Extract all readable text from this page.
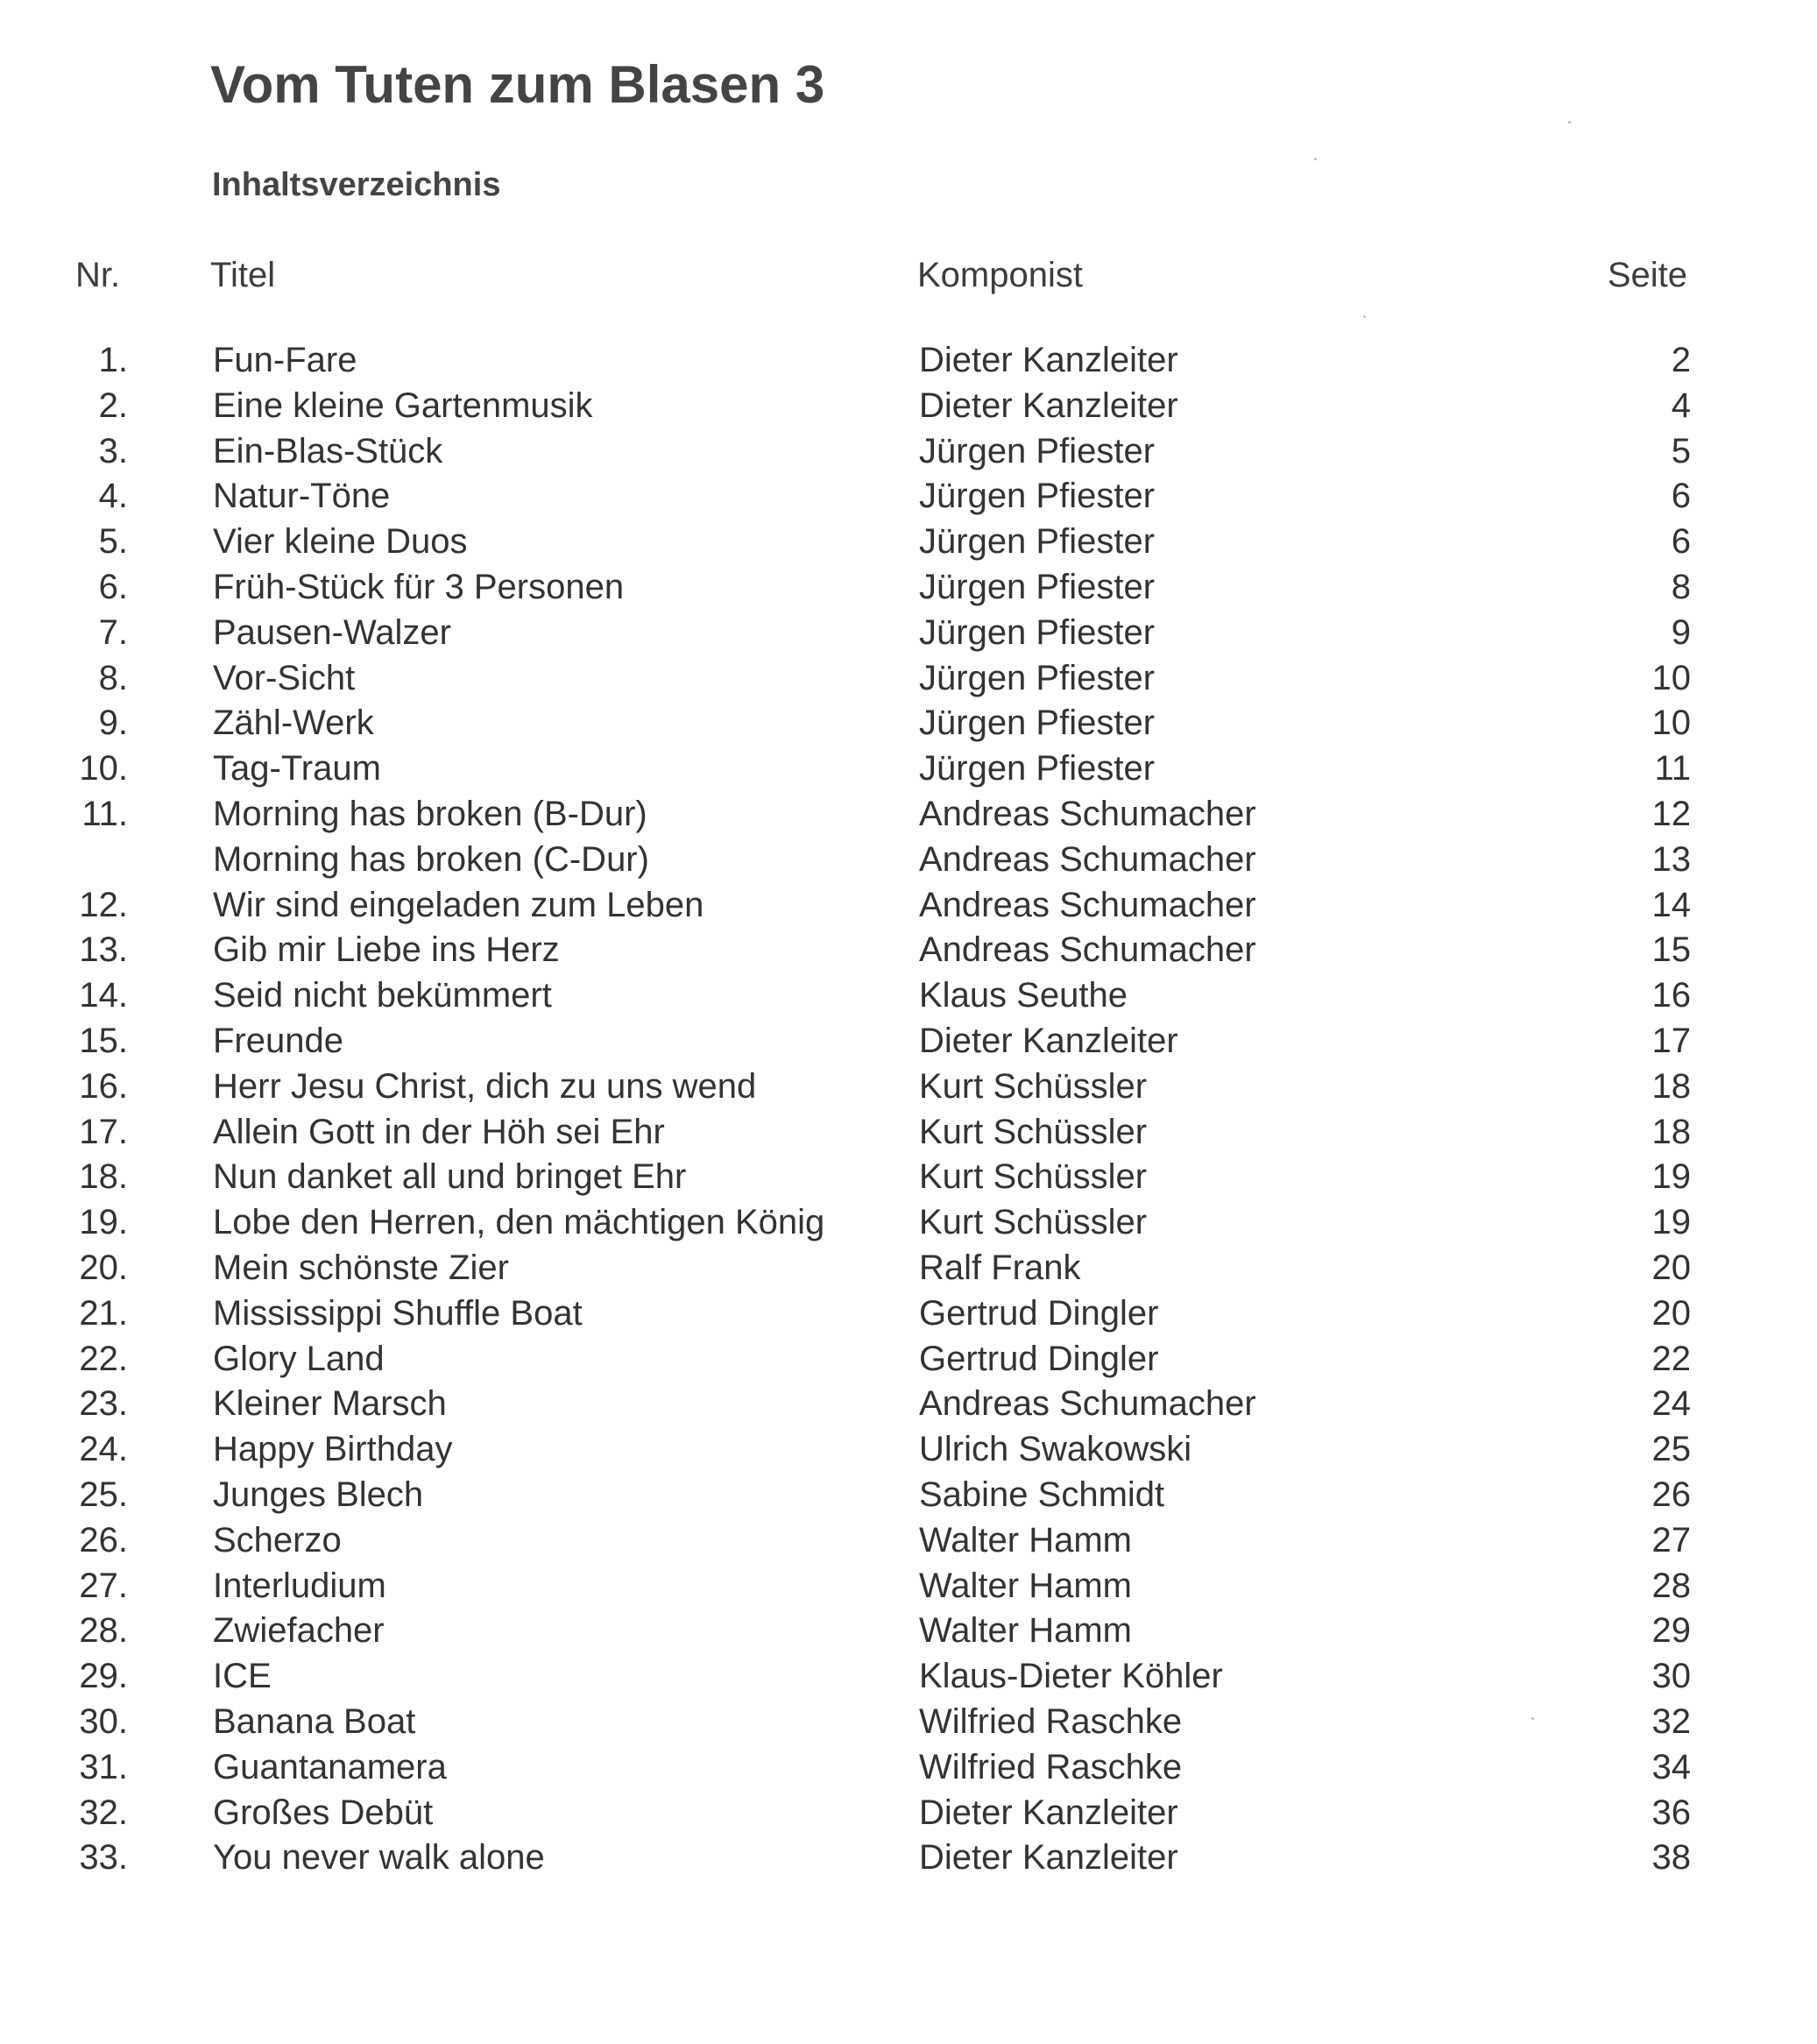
Vom Tuten zum Blasen 3
Inhaltsverzeichnis
Nr.	Titel	Komponist	Seite
1. Fun-Fare	Dieter Kanzleiter	2
2. Eine kleine Gartenmusik	Dieter Kanzleiter	4
3. Ein-Blas-Stück	Jürgen Pfiester	5
4. Natur-Töne	Jürgen Pfiester	6
5. Vier kleine Duos	Jürgen Pfiester	6
6. Früh-Stück für 3 Personen	Jürgen Pfiester	8
7. Pausen-Walzer	Jürgen Pfiester	9
8. Vor-Sicht	Jürgen Pfiester	10
9. Zähl-Werk	Jürgen Pfiester	10
10. Tag-Traum	Jürgen Pfiester	11
11. Morning has broken (B-Dur)	Andreas Schumacher	12
Morning has broken (C-Dur)	Andreas Schumacher	13
12. Wir sind eingeladen zum Leben	Andreas Schumacher	14
13. Gib mir Liebe ins Herz	Andreas Schumacher	15
14. Seid nicht bekümmert	Klaus Seuthe	16
15. Freunde	Dieter Kanzleiter	17
16. Herr Jesu Christ, dich zu uns wend	Kurt Schüssler	18
17. Allein Gott in der Höh sei Ehr	Kurt Schüssler	18
18. Nun danket all und bringet Ehr	Kurt Schüssler	19
19. Lobe den Herren, den mächtigen König	Kurt Schüssler	19
20. Mein schönste Zier	Ralf Frank	20
21. Mississippi Shuffle Boat	Gertrud Dingler	20
22. Glory Land	Gertrud Dingler	22
23. Kleiner Marsch	Andreas Schumacher	24
24. Happy Birthday	Ulrich Swakowski	25
25. Junges Blech	Sabine Schmidt	26
26. Scherzo	Walter Hamm	27
27. Interludium	Walter Hamm	28
28. Zwiefacher	Walter Hamm	29
29. ICE	Klaus-Dieter Köhler	30
30. Banana Boat	Wilfried Raschke	32
31. Guantanamera	Wilfried Raschke	34
32. Großes Debüt	Dieter Kanzleiter	36
33. You never walk alone	Dieter Kanzleiter	38
